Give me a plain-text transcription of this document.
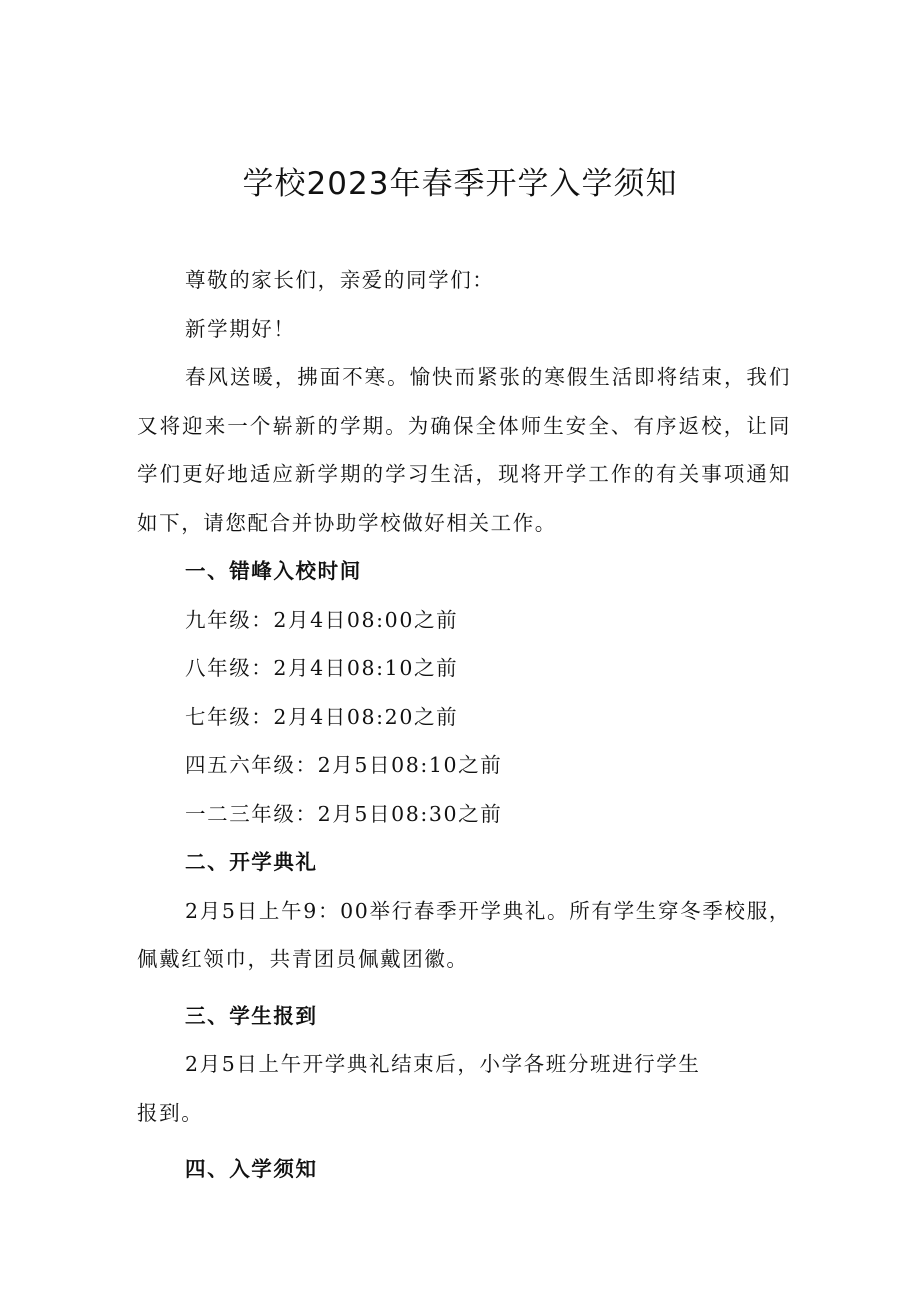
学校2023年春季开学入学须知
尊敬的家长们，亲爱的同学们：
新学期好！

春风送暖，拂面不寒。愉快而紧张的寒假生活即将结束，我们又将迎来一个崭新的学期。为确保全体师生安全、有序返校，让同学们更好地适应新学期的学习生活，现将开学工作的有关事项通知如下，请您配合并协助学校做好相关工作。

一、错峰入校时间
九年级：2月4日08:00之前
八年级：2月4日08:10之前
七年级：2月4日08:20之前
四五六年级：2月5日08:10之前
一二三年级：2月5日08:30之前
二、开学典礼

2月5日上午9：00举行春季开学典礼。所有学生穿冬季校服，佩戴红领巾，共青团员佩戴团徽。

三、学生报到
2月5日上午开学典礼结束后，小学各班分班进行学生
报到。
四、入学须知
